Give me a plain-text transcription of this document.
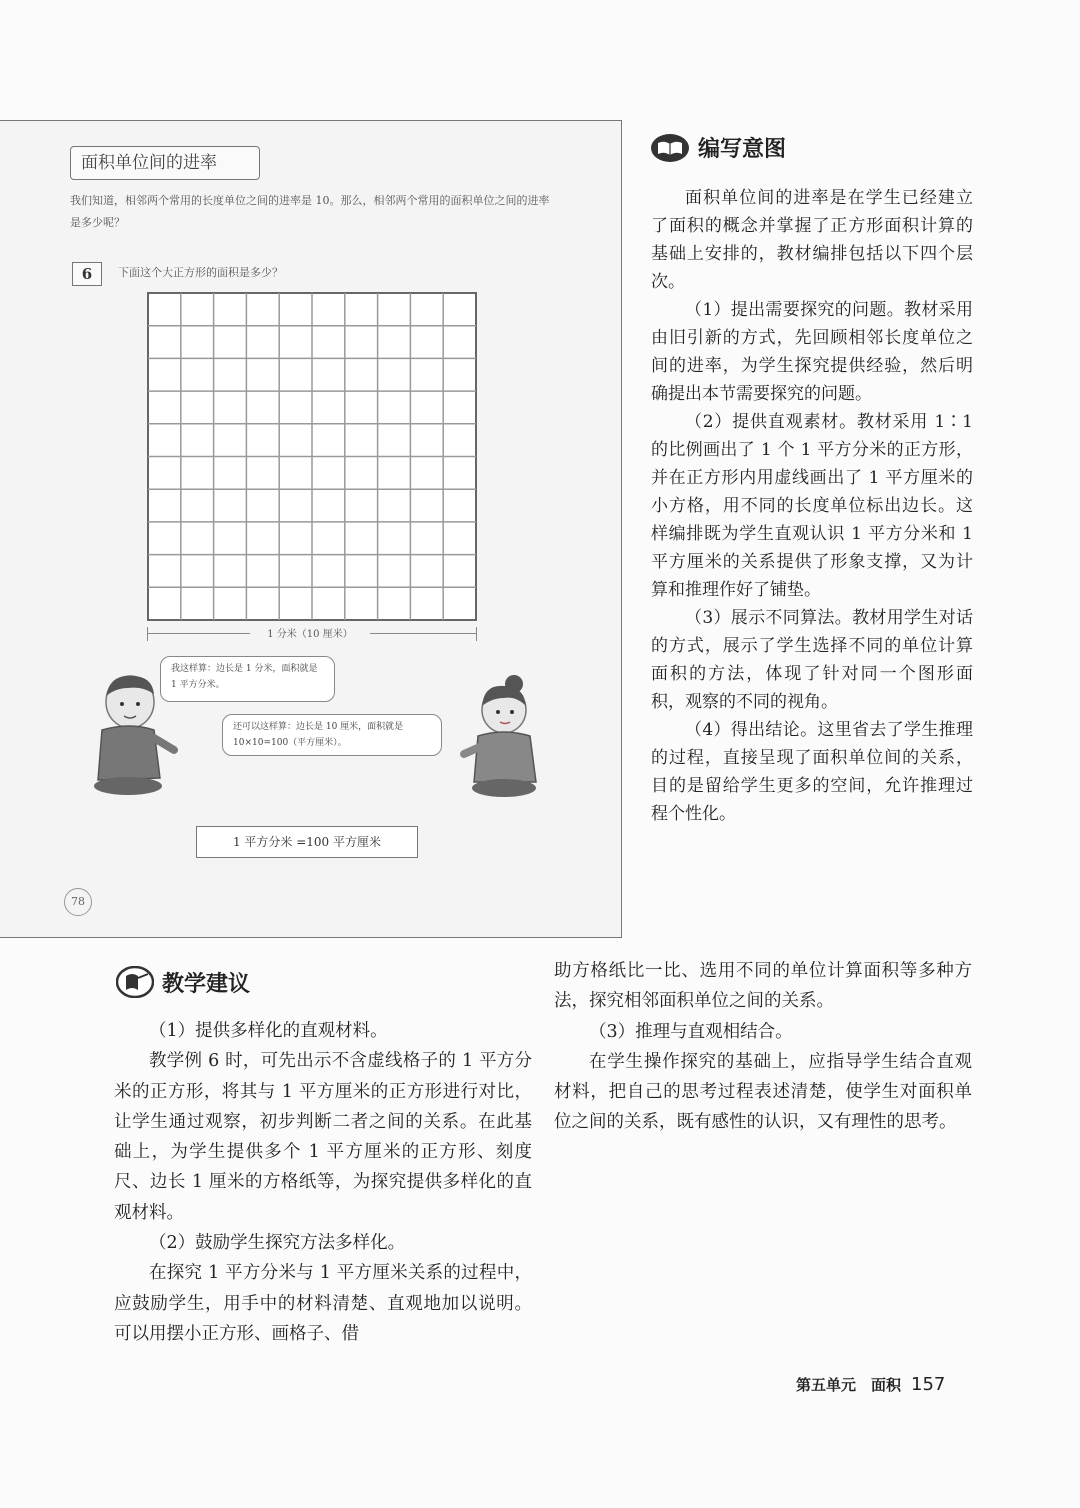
面积单位间的进率
我们知道，相邻两个常用的长度单位之间的进率是 10。那么，相邻两个常用的面积单位之间的进率是多少呢？
6	下面这个大正方形的面积是多少？
1 分米（10 厘米）
我这样算：边长是 1 分米，面积就是 1 平方分米。
还可以这样算：边长是 10 厘米，面积就是 10×10=100（平方厘米）。
1 平方分米 =100 平方厘米
78
编写意图

面积单位间的进率是在学生已经建立了面积的概念并掌握了正方形面积计算的基础上安排的，教材编排包括以下四个层次。

（1）提出需要探究的问题。教材采用由旧引新的方式，先回顾相邻长度单位之间的进率，为学生探究提供经验，然后明确提出本节需要探究的问题。

（2）提供直观素材。教材采用 1∶1 的比例画出了 1 个 1 平方分米的正方形，并在正方形内用虚线画出了 1 平方厘米的小方格，用不同的长度单位标出边长。这样编排既为学生直观认识 1 平方分米和 1 平方厘米的关系提供了形象支撑，又为计算和推理作好了铺垫。

（3）展示不同算法。教材用学生对话的方式，展示了学生选择不同的单位计算面积的方法，体现了针对同一个图形面积，观察的不同的视角。

（4）得出结论。这里省去了学生推理的过程，直接呈现了面积单位间的关系，目的是留给学生更多的空间，允许推理过程个性化。

教学建议

（1）提供多样化的直观材料。

教学例 6 时，可先出示不含虚线格子的 1 平方分米的正方形，将其与 1 平方厘米的正方形进行对比，让学生通过观察，初步判断二者之间的关系。在此基础上，为学生提供多个 1 平方厘米的正方形、刻度尺、边长 1 厘米的方格纸等，为探究提供多样化的直观材料。

（2）鼓励学生探究方法多样化。

在探究 1 平方分米与 1 平方厘米关系的过程中，应鼓励学生，用手中的材料清楚、直观地加以说明。可以用摆小正方形、画格子、借

助方格纸比一比、选用不同的单位计算面积等多种方法，探究相邻面积单位之间的关系。

（3）推理与直观相结合。

在学生操作探究的基础上，应指导学生结合直观材料，把自己的思考过程表述清楚，使学生对面积单位之间的关系，既有感性的认识，又有理性的思考。

第五单元　面积 157
